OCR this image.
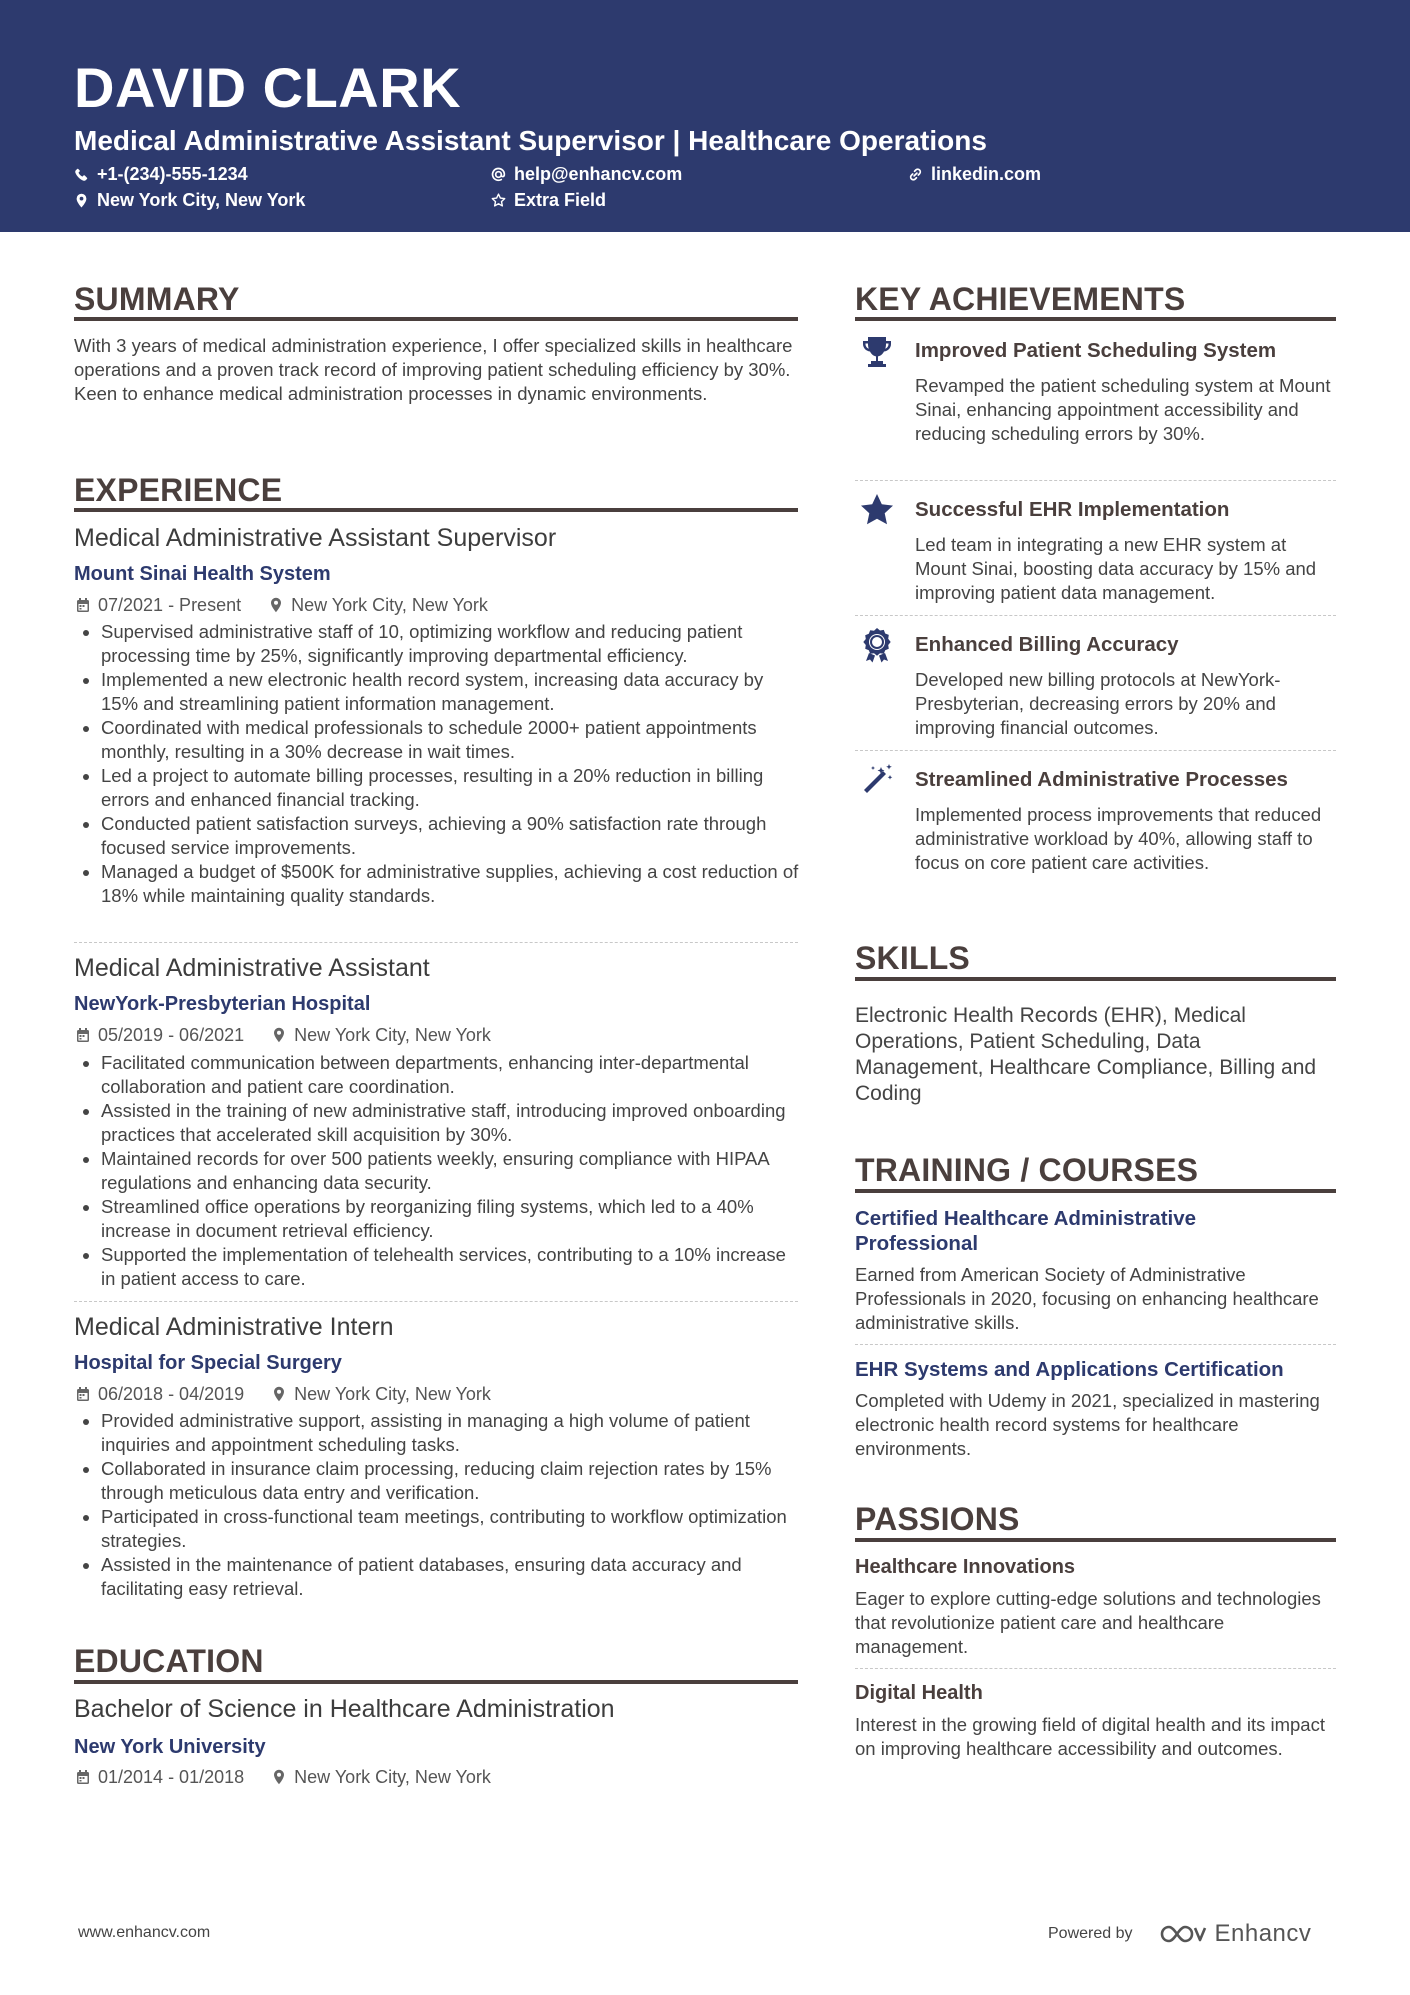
DAVID CLARK
Medical Administrative Assistant Supervisor | Healthcare Operations
+1-(234)-555-1234	help@enhancv.com	linkedin.com
New York City, New York	Extra Field
SUMMARY
With 3 years of medical administration experience, I offer specialized skills in healthcare operations and a proven track record of improving patient scheduling efficiency by 30%. Keen to enhance medical administration processes in dynamic environments.
EXPERIENCE
Medical Administrative Assistant Supervisor
Mount Sinai Health System
07/2021 - Present	New York City, New York
Supervised administrative staff of 10, optimizing workflow and reducing patient processing time by 25%, significantly improving departmental efficiency.
Implemented a new electronic health record system, increasing data accuracy by 15% and streamlining patient information management.
Coordinated with medical professionals to schedule 2000+ patient appointments monthly, resulting in a 30% decrease in wait times.
Led a project to automate billing processes, resulting in a 20% reduction in billing errors and enhanced financial tracking.
Conducted patient satisfaction surveys, achieving a 90% satisfaction rate through focused service improvements.
Managed a budget of $500K for administrative supplies, achieving a cost reduction of 18% while maintaining quality standards.
Medical Administrative Assistant
NewYork-Presbyterian Hospital
05/2019 - 06/2021	New York City, New York
Facilitated communication between departments, enhancing inter-departmental collaboration and patient care coordination.
Assisted in the training of new administrative staff, introducing improved onboarding practices that accelerated skill acquisition by 30%.
Maintained records for over 500 patients weekly, ensuring compliance with HIPAA regulations and enhancing data security.
Streamlined office operations by reorganizing filing systems, which led to a 40% increase in document retrieval efficiency.
Supported the implementation of telehealth services, contributing to a 10% increase in patient access to care.
Medical Administrative Intern
Hospital for Special Surgery
06/2018 - 04/2019	New York City, New York
Provided administrative support, assisting in managing a high volume of patient inquiries and appointment scheduling tasks.
Collaborated in insurance claim processing, reducing claim rejection rates by 15% through meticulous data entry and verification.
Participated in cross-functional team meetings, contributing to workflow optimization strategies.
Assisted in the maintenance of patient databases, ensuring data accuracy and facilitating easy retrieval.
EDUCATION
Bachelor of Science in Healthcare Administration
New York University
01/2014 - 01/2018	New York City, New York
KEY ACHIEVEMENTS
Improved Patient Scheduling System
Revamped the patient scheduling system at Mount Sinai, enhancing appointment accessibility and reducing scheduling errors by 30%.
Successful EHR Implementation
Led team in integrating a new EHR system at Mount Sinai, boosting data accuracy by 15% and improving patient data management.
Enhanced Billing Accuracy
Developed new billing protocols at NewYork-Presbyterian, decreasing errors by 20% and improving financial outcomes.
Streamlined Administrative Processes
Implemented process improvements that reduced administrative workload by 40%, allowing staff to focus on core patient care activities.
SKILLS
Electronic Health Records (EHR), Medical Operations, Patient Scheduling, Data Management, Healthcare Compliance, Billing and Coding
TRAINING / COURSES
Certified Healthcare Administrative Professional
Earned from American Society of Administrative Professionals in 2020, focusing on enhancing healthcare administrative skills.
EHR Systems and Applications Certification
Completed with Udemy in 2021, specialized in mastering electronic health record systems for healthcare environments.
PASSIONS
Healthcare Innovations
Eager to explore cutting-edge solutions and technologies that revolutionize patient care and healthcare management.
Digital Health
Interest in the growing field of digital health and its impact on improving healthcare accessibility and outcomes.
www.enhancv.com	Powered by	Enhancv
